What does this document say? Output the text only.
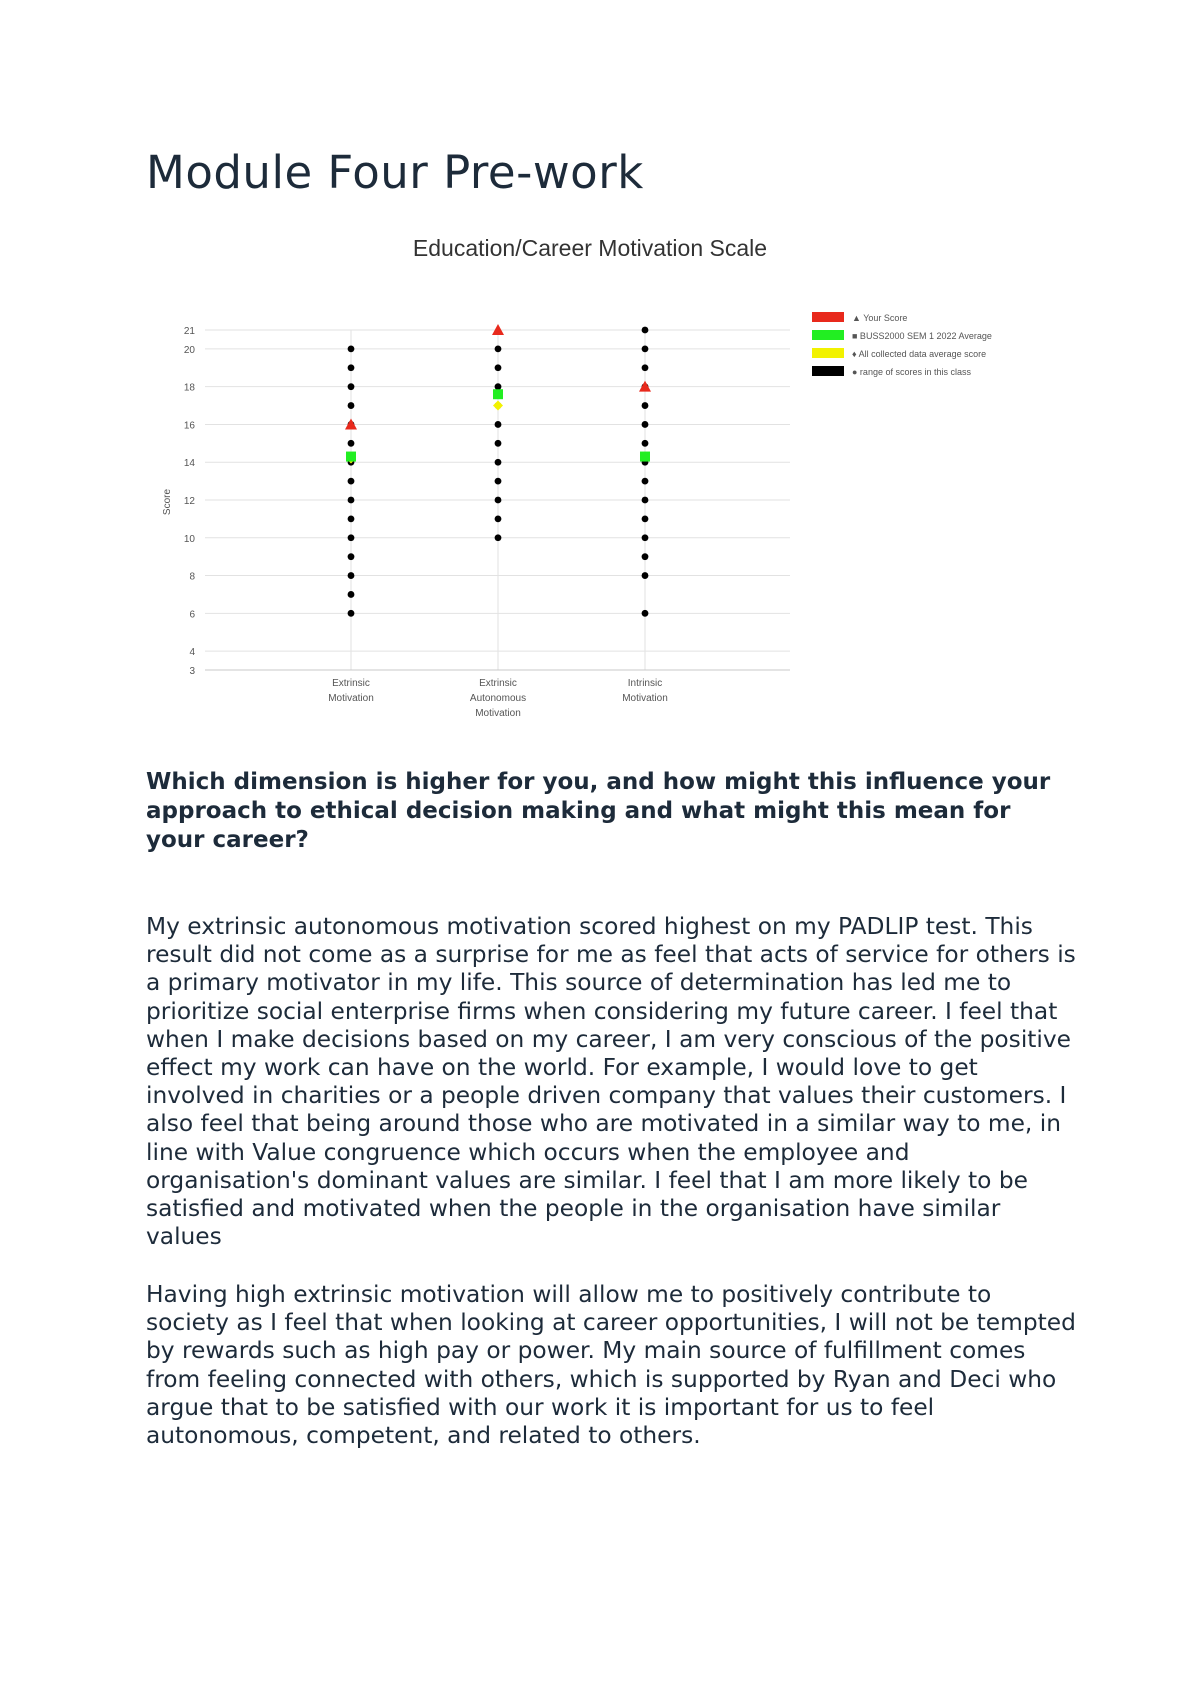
Module Four Pre-work
Education/Career Motivation Scale
3
4
6
8
10
12
14
16
18
20
21
Score
Extrinsic
Motivation
Extrinsic
Autonomous
Motivation
Intrinsic
Motivation
▲ Your Score
■ BUSS2000 SEM 1 2022 Average
♦ All collected data average score
● range of scores in this class

Which dimension is higher for you, and how might this influence your approach to ethical decision making and what might this mean for your career?

My extrinsic autonomous motivation scored highest on my PADLIP test. This result did not come as a surprise for me as feel that acts of service for others is a primary motivator in my life. This source of determination has led me to prioritize social enterprise firms when considering my future career. I feel that when I make decisions based on my career, I am very conscious of the positive effect my work can have on the world. For example, I would love to get involved in charities or a people driven company that values their customers. I also feel that being around those who are motivated in a similar way to me, in line with Value congruence which occurs when the employee and organisation's dominant values are similar. I feel that I am more likely to be satisfied and motivated when the people in the organisation have similar values

Having high extrinsic motivation will allow me to positively contribute to society as I feel that when looking at career opportunities, I will not be tempted by rewards such as high pay or power. My main source of fulfillment comes from feeling connected with others, which is supported by Ryan and Deci who argue that to be satisfied with our work it is important for us to feel autonomous, competent, and related to others.
